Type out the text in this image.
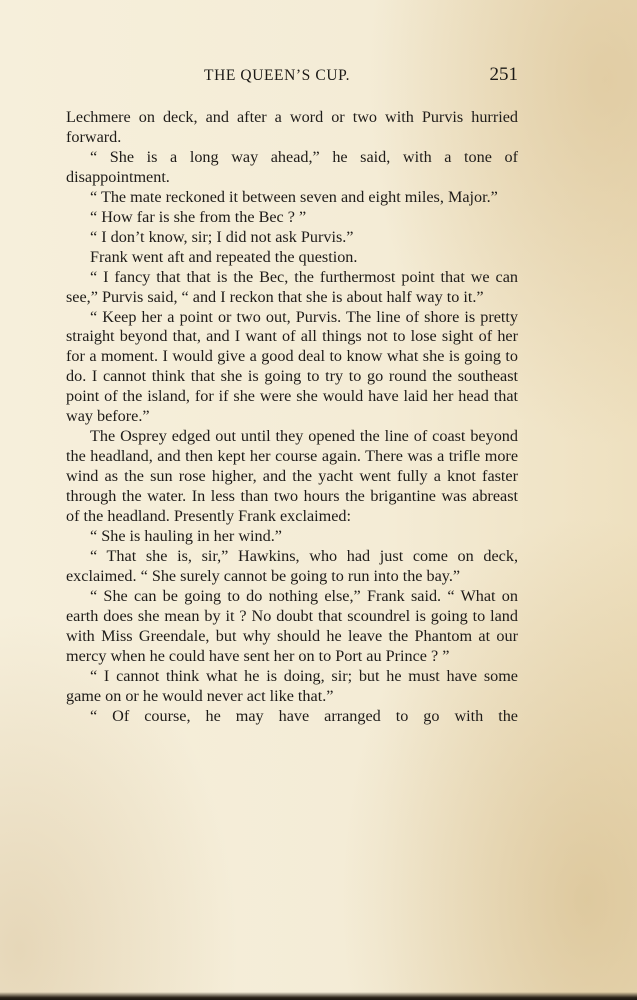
THE QUEEN’S CUP.	251

Lechmere on deck, and after a word or two with Purvis hurried forward.

“ She is a long way ahead,” he said, with a tone of disappointment.

“ The mate reckoned it between seven and eight miles, Major.”

“ How far is she from the Bec ? ”

“ I don’t know, sir; I did not ask Purvis.”

Frank went aft and repeated the question.

“ I fancy that that is the Bec, the furthermost point that we can see,” Purvis said, “ and I reckon that she is about half way to it.”

“ Keep her a point or two out, Purvis. The line of shore is pretty straight beyond that, and I want of all things not to lose sight of her for a moment. I would give a good deal to know what she is going to do. I cannot think that she is going to try to go round the southeast point of the island, for if she were she would have laid her head that way before.”

The Osprey edged out until they opened the line of coast beyond the headland, and then kept her course again. There was a trifle more wind as the sun rose higher, and the yacht went fully a knot faster through the water. In less than two hours the brigantine was abreast of the headland. Presently Frank exclaimed:

“ She is hauling in her wind.”

“ That she is, sir,” Hawkins, who had just come on deck, exclaimed. “ She surely cannot be going to run into the bay.”

“ She can be going to do nothing else,” Frank said. “ What on earth does she mean by it ? No doubt that scoundrel is going to land with Miss Greendale, but why should he leave the Phantom at our mercy when he could have sent her on to Port au Prince ? ”

“ I cannot think what he is doing, sir; but he must have some game on or he would never act like that.”

“ Of course, he may have arranged to go with the
